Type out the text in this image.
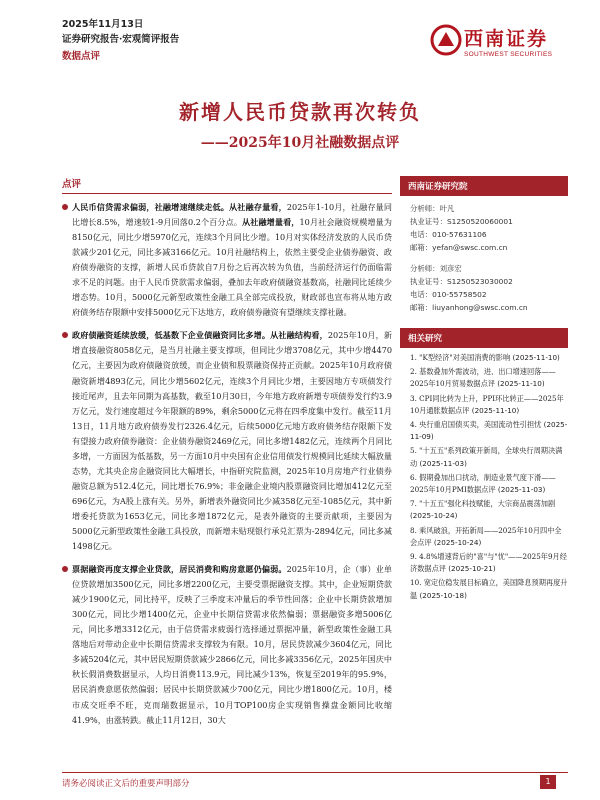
2025年11月13日
证券研究报告·宏观简评报告
数据点评
西南证券
SOUTHWEST SECURITIES
新增人民币贷款再次转负
——2025年10月社融数据点评
点评
人民币信贷需求偏弱，社融增速继续走低。从社融存量看，2025年1-10月，社融存量同比增长8.5%，增速较1-9月回落0.2个百分点。从社融增量看，10月社会融资规模增量为8150亿元，同比少增5970亿元，连续3个月同比少增。10月对实体经济发放的人民币贷款减少201亿元，同比多减3166亿元。10月社融结构上，依然主要受企业债券融资、政府债券融资的支撑，新增人民币贷款自7月份之后再次转为负值，当前经济运行仍面临需求不足的问题。由于人民币贷款需求偏弱，叠加去年政府债融资基数高，社融同比延续少增态势。10月，5000亿元新型政策性金融工具全部完成投放，财政部也宣布将从地方政府债务结存限额中安排5000亿元下达地方，政府债券融资有望继续支撑社融。
政府债融资延续放缓，低基数下企业债融资同比多增。从社融结构看，2025年10月，新增直接融资8058亿元，是当月社融主要支撑项，但同比少增3708亿元，其中少增4470亿元，主要因为政府债融资放缓，而企业债和股票融资保持正贡献。2025年10月政府债融资新增4893亿元，同比少增5602亿元，连续3个月同比少增，主要因地方专项债发行接近尾声，且去年同期为高基数，截至10月30日，今年地方政府新增专项债券发行约3.9万亿元，发行速度超过今年限额的89%，剩余5000亿元将在四季度集中发行。截至11月13日，11月地方政府债券发行2326.4亿元，后续5000亿元地方政府债务结存限额下发有望接力政府债券融资：企业债券融资2469亿元，同比多增1482亿元，连续两个月同比多增，一方面因为低基数，另一方面10月中央国有企业信用债发行规模同比延续大幅放量态势，尤其央企房企融资同比大幅增长，中指研究院监测，2025年10月房地产行业债券融资总额为512.4亿元，同比增长76.9%；非金融企业境内股票融资同比增加412亿元至696亿元，为A股上涨有关。另外，新增表外融资同比少减358亿元至-1085亿元，其中新增委托贷款为1653亿元，同比多增1872亿元，是表外融资的主要贡献项，主要因为5000亿元新型政策性金融工具投放，而新增未贴现银行承兑汇票为-2894亿元，同比多减1498亿元。
票据融资再度支撑企业贷款，居民消费和购房意愿仍偏弱。2025年10月，企（事）业单位贷款增加3500亿元，同比多增2200亿元，主要受票据融资支撑。其中，企业短期贷款减少1900亿元，同比持平，反映了三季度末冲量后的季节性回落；企业中长期贷款增加300亿元，同比少增1400亿元，企业中长期信贷需求依然偏弱；票据融资多增5006亿元，同比多增3312亿元，由于信贷需求疲弱行选择通过票据冲量，新型政策性金融工具落地后对带动企业中长期信贷需求支撑较为有限。10月，居民贷款减少3604亿元，同比多减5204亿元，其中居民短期贷款减少2866亿元，同比多减3356亿元，2025年国庆中秋长假消费数据显示，人均日消费113.9元，同比减少13%，恢复至2019年的95.9%，居民消费意愿依然偏弱；居民中长期贷款减少700亿元，同比少增1800亿元。10月，楼市成交旺季不旺，克而瑞数据显示，10月TOP100房企实现销售操盘金额同比收缩41.9%，由涨转跌。截止11月12日，30大
西南证券研究院
分析师：叶凡
执业证号：S1250520060001
电话：010-57631106
邮箱：yefan@swsc.com.cn
分析师：刘彦宏
执业证号：S1250523030002
电话：010-55758502
邮箱：liuyanhong@swsc.com.cn
相关研究
1. "K型经济"对美国消费的影响 (2025-11-10)
2. 基数叠加外需波动，进、出口增速回落——2025年10月贸易数据点评 (2025-11-10)
3. CPI同比转为上升，PPI环比转正——2025年10月通胀数据点评 (2025-11-10)
4. 央行重启国债买卖，美国流动性引担忧 (2025-11-09)
5. "十五五"系列政策开新局，全球央行周期决满动 (2025-11-03)
6. 假期叠加出口扰动，制造业景气度下滑——2025年10月PMI数据点评 (2025-11-03)
7. "十五五"强化科技赋能，大宗商品震荡加剧 (2025-10-24)
8. 乘风破浪，开拓新局——2025年10月四中全会点评 (2025-10-24)
9. 4.8%增速背后的"喜"与"忧"——2025年9月经济数据点评 (2025-10-21)
10. 宽定位稳发展目标确立，美国降息预期再度升温 (2025-10-18)
请务必阅读正文后的重要声明部分	1
